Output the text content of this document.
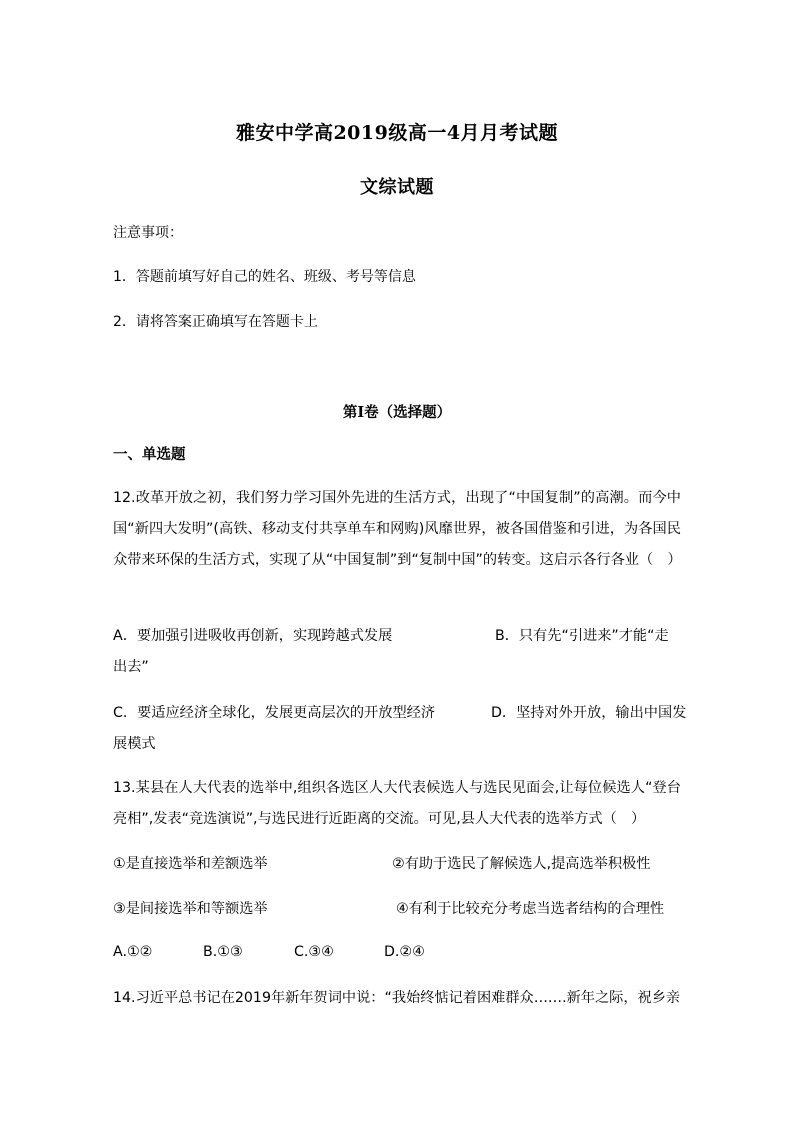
雅安中学高2019级高一4月月考试题
文综试题
注意事项：
1．答题前填写好自己的姓名、班级、考号等信息
2．请将答案正确填写在答题卡上
第I卷（选择题）
一、单选题
12.改革开放之初，我们努力学习国外先进的生活方式，出现了“中国复制”的高潮。而今中国“新四大发明”(高铁、移动支付共享单车和网购)风靡世界，被各国借鉴和引进，为各国民众带来环保的生活方式，实现了从“中国复制”到“复制中国”的转变。这启示各行各业（　）
A．要加强引进吸收再创新，实现跨越式发展	B．只有先“引进来”才能“走
出去”
C．要适应经济全球化，发展更高层次的开放型经济	D．坚持对外开放，输出中国发
展模式
13.某县在人大代表的选举中,组织各选区人大代表候选人与选民见面会,让每位候选人“登台亮相”,发表“竞选演说”,与选民进行近距离的交流。可见,县人大代表的选举方式（　）
①是直接选举和差额选举	②有助于选民了解候选人,提高选举积极性
③是间接选举和等额选举	④有利于比较充分考虑当选者结构的合理性
A.①②	B.①③	C.③④	D.②④
14.习近平总书记在2019年新年贺词中说：“我始终惦记着困难群众…….新年之际，祝乡亲
